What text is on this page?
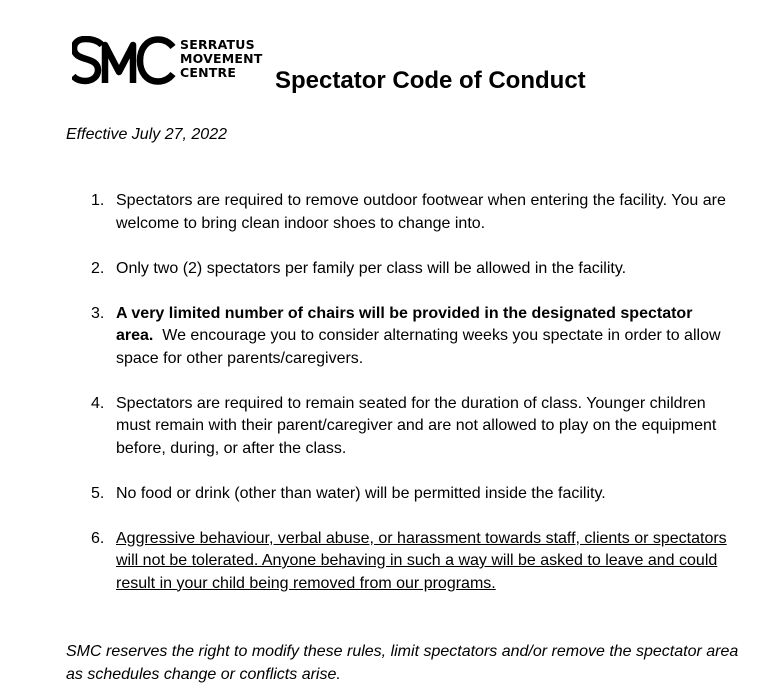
SERRATUS
MOVEMENT
CENTRE	Spectator Code of Conduct

Effective July 27, 2022

1. Spectators are required to remove outdoor footwear when entering the facility. You are welcome to bring clean indoor shoes to change into.
2. Only two (2) spectators per family per class will be allowed in the facility.
3. A very limited number of chairs will be provided in the designated spectator area.  We encourage you to consider alternating weeks you spectate in order to allow space for other parents/caregivers.
4. Spectators are required to remain seated for the duration of class. Younger children must remain with their parent/caregiver and are not allowed to play on the equipment before, during, or after the class.
5. No food or drink (other than water) will be permitted inside the facility.
6. Aggressive behaviour, verbal abuse, or harassment towards staff, clients or spectators will not be tolerated. Anyone behaving in such a way will be asked to leave and could result in your child being removed from our programs.

SMC reserves the right to modify these rules, limit spectators and/or remove the spectator area as schedules change or conflicts arise.
